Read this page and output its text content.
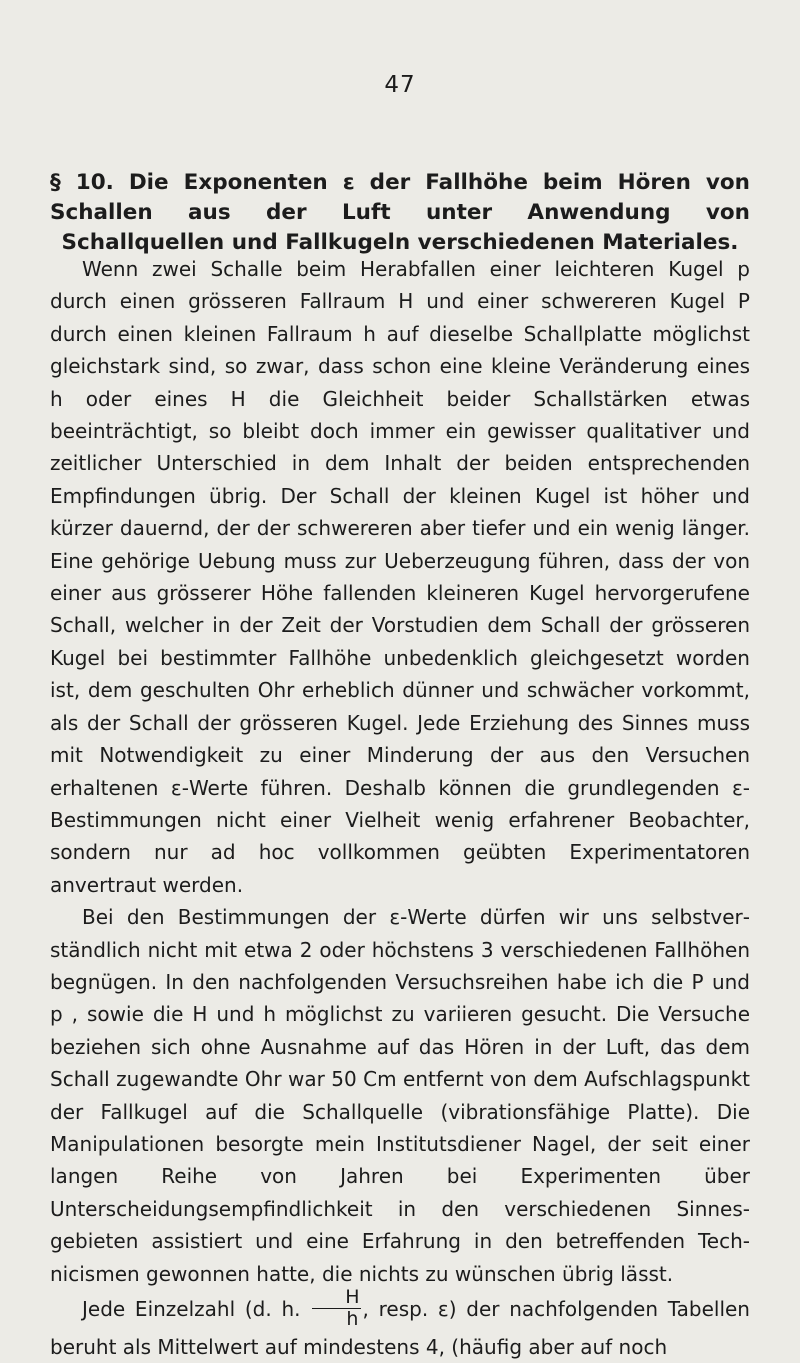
47
§ 10. Die Exponenten ε der Fallhöhe beim Hören von Schallen aus der Luft unter Anwendung von Schallquellen und Fallkugeln verschiedenen Materiales.

Wenn zwei Schalle beim Herabfallen einer leichteren Kugel p durch einen grösseren Fallraum H und einer schwereren Kugel P durch einen kleinen Fallraum h auf dieselbe Schallplatte möglichst gleichstark sind, so zwar, dass schon eine kleine Veränderung eines h oder eines H die Gleichheit beider Schallstärken etwas beeinträchtigt, so bleibt doch immer ein gewisser qualitativer und zeitlicher Unterschied in dem Inhalt der beiden entsprechenden Empfindungen übrig. Der Schall der kleinen Kugel ist höher und kürzer dauernd, der der schwereren aber tiefer und ein wenig länger. Eine gehörige Uebung muss zur Ueberzeugung führen, dass der von einer aus grösserer Höhe fallenden kleineren Kugel hervorgerufene Schall, welcher in der Zeit der Vorstudien dem Schall der grösseren Kugel bei bestimmter Fallhöhe unbedenklich gleichgesetzt worden ist, dem geschulten Ohr erheblich dünner und schwächer vorkommt, als der Schall der grösseren Kugel. Jede Erziehung des Sinnes muss mit Notwendigkeit zu einer Minderung der aus den Versuchen erhaltenen ε-Werte führen. Deshalb können die grundlegenden ε-Bestimmungen nicht einer Vielheit wenig erfahrener Beobachter, sondern nur ad hoc vollkommen geübten Experimentatoren anvertraut werden.

Bei den Bestimmungen der ε-Werte dürfen wir uns selbstverständlich nicht mit etwa 2 oder höchstens 3 verschiedenen Fallhöhen begnügen. In den nachfolgenden Versuchsreihen habe ich die P und p , sowie die H und h möglichst zu variieren gesucht. Die Versuche beziehen sich ohne Ausnahme auf das Hören in der Luft, das dem Schall zugewandte Ohr war 50 Cm entfernt von dem Aufschlagspunkt der Fallkugel auf die Schallquelle (vibrationsfähige Platte). Die Manipulationen besorgte mein Institutsdiener Nagel, der seit einer langen Reihe von Jahren bei Experimenten über Unterscheidungsempfindlichkeit in den verschiedenen Sinnesgebieten assistiert und eine Erfahrung in den betreffenden Technicismen gewonnen hatte, die nichts zu wünschen übrig lässt.

Jede Einzelzahl (d. h. $\frac{H}{h}$ , resp. ε) der nachfolgenden Tabellen beruht als Mittelwert auf mindestens 4, (häufig aber auf noch
